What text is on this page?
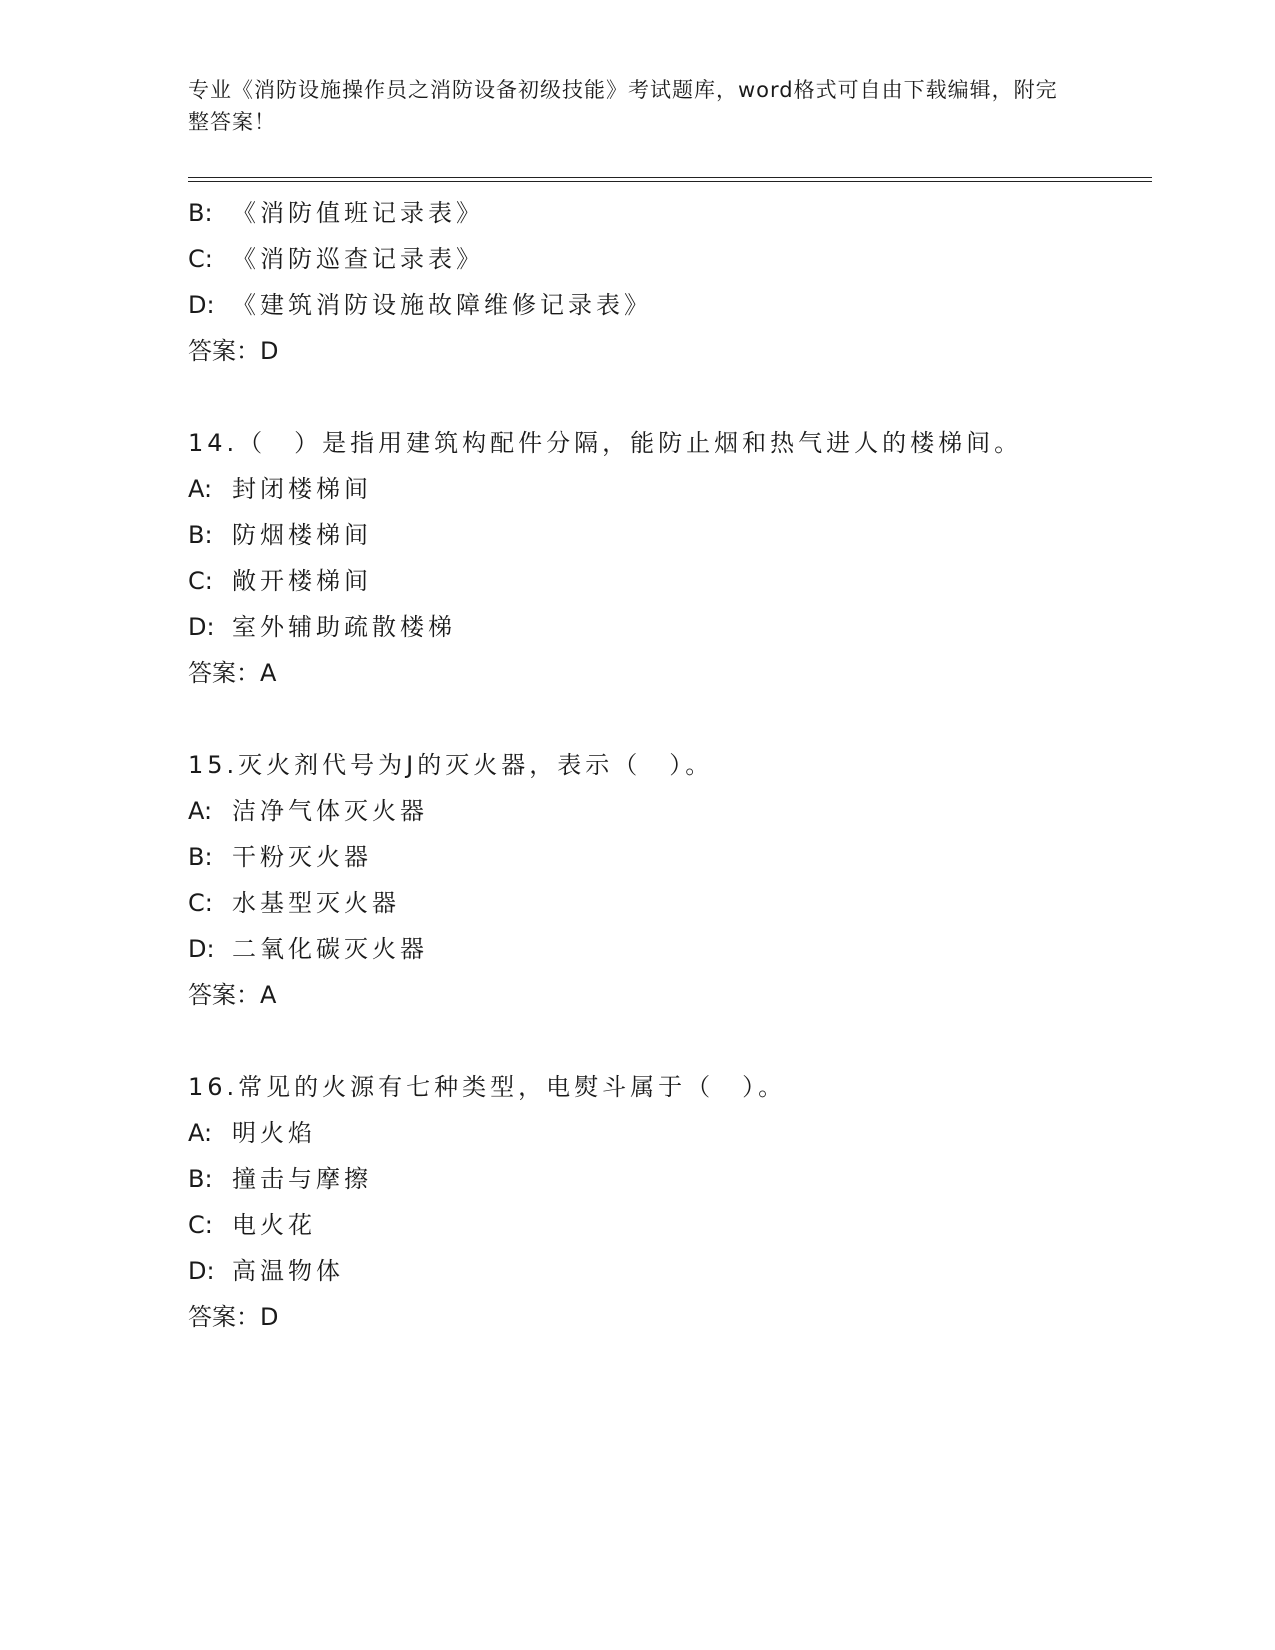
专业《消防设施操作员之消防设备初级技能》考试题库，word格式可自由下载编辑，附完整答案！
B: 《消防值班记录表》
C: 《消防巡查记录表》
D: 《建筑消防设施故障维修记录表》
答案：D
14.（　）是指用建筑构配件分隔，能防止烟和热气进人的楼梯间。
A: 封闭楼梯间
B: 防烟楼梯间
C: 敞开楼梯间
D: 室外辅助疏散楼梯
答案：A
15.灭火剂代号为J的灭火器，表示（　）。
A: 洁净气体灭火器
B: 干粉灭火器
C: 水基型灭火器
D: 二氧化碳灭火器
答案：A
16.常见的火源有七种类型，电熨斗属于（　）。
A: 明火焰
B: 撞击与摩擦
C: 电火花
D: 高温物体
答案：D
